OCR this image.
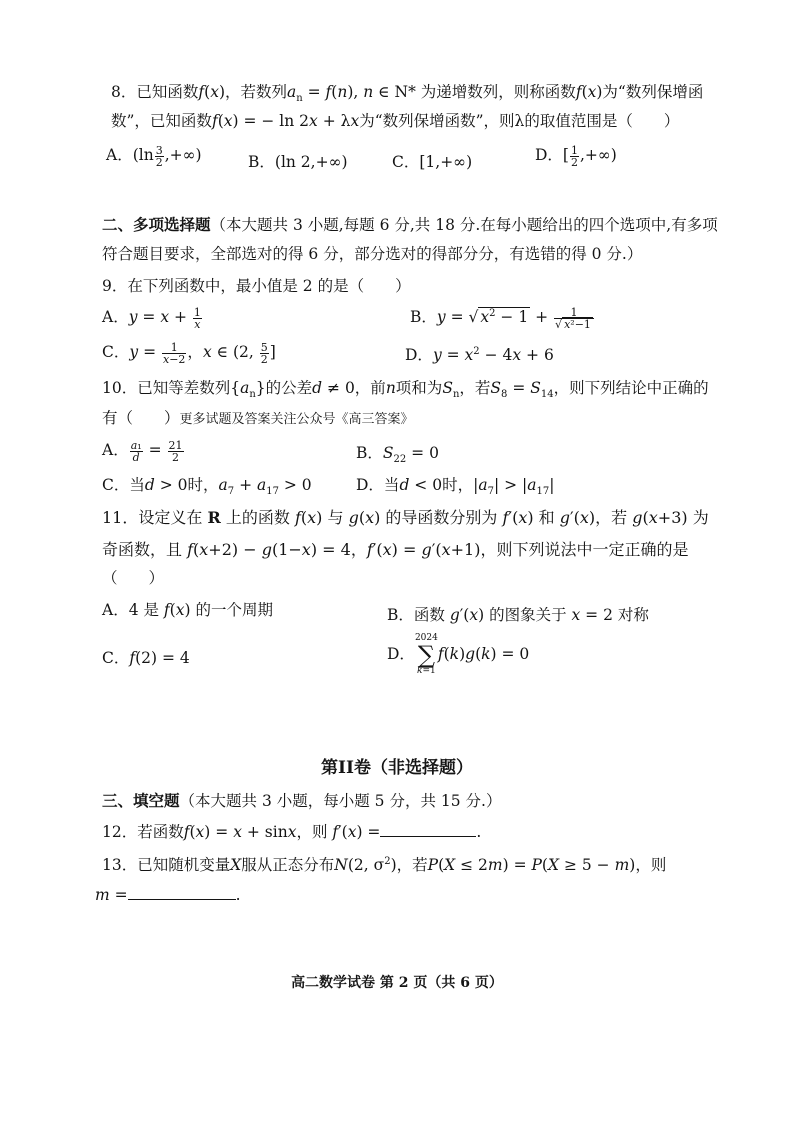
8．已知函数f(x)，若数列$a_n = f(n)$, n ∈ N* 为递增数列，则称函数f(x)为“数列保增函
数”，已知函数f(x) = − ln 2x + λx为“数列保增函数”，则λ的取值范围是（　　）
A．($\ln \frac{3}{2}$ ,+∞)	B．(ln 2,+∞)	C．[1,+∞)	D．[ $\frac{1}{2}$ ,+∞)
二、多项选择题（本大题共 3 小题,每题 6 分,共 18 分.在每小题给出的四个选项中,有多项
符合题目要求，全部选对的得 6 分，部分选对的得部分分，有选错的得 0 分.）
9．在下列函数中，最小值是 2 的是（　　）
A．$y = x + \frac{1}{x}$	B．y = √ $x^2 - 1 + \frac{1}{\text{√ x²−1}}$
C．$y = \frac{1}{x-2}$ ，x ∈ (2, $\frac{5}{2}$ ]	D．$y = x^2 - 4x + 6$
10．已知等差数列$\{a_n\}$的公差d ≠ 0，前n项和为$S_n$，若$S_8 = S_{14}$，则下列结论中正确的
有（　　）更多试题及答案关注公众号《高三答案》
A． $\frac{\text{a₁}}{d} = \frac{21}{2}$	B．$S_{22} = 0$
C．当d > 0时，$a_7 + a_{17} > 0$	D．当d < 0时，$|a_7| > |a_{17}|$
11．设定义在 R 上的函数 f(x) 与 g(x) 的导函数分别为 f′(x) 和 g′(x)，若 g(x+3) 为
奇函数，且 f(x+2) − g(1−x) = 4，f′(x) = g′(x+1)，则下列说法中一定正确的是
（　　）
A．4 是 f(x) 的一个周期	B．函数 g′(x) 的图象关于 x = 2 对称
C．f(2) = 4	D．
2024
∑
k=1
f(k)g(k) = 0
第II卷（非选择题）
三、填空题（本大题共 3 小题，每小题 5 分，共 15 分.）
12．若函数f(x) = x + sinx，则 f′(x) =	.
13．已知随机变量X服从正态分布N(2, $\sigma^2$)，若P(X ≤ 2m) = P(X ≥ 5 − m)，则
m =	.
高二数学试卷 第 2 页（共 6 页）
